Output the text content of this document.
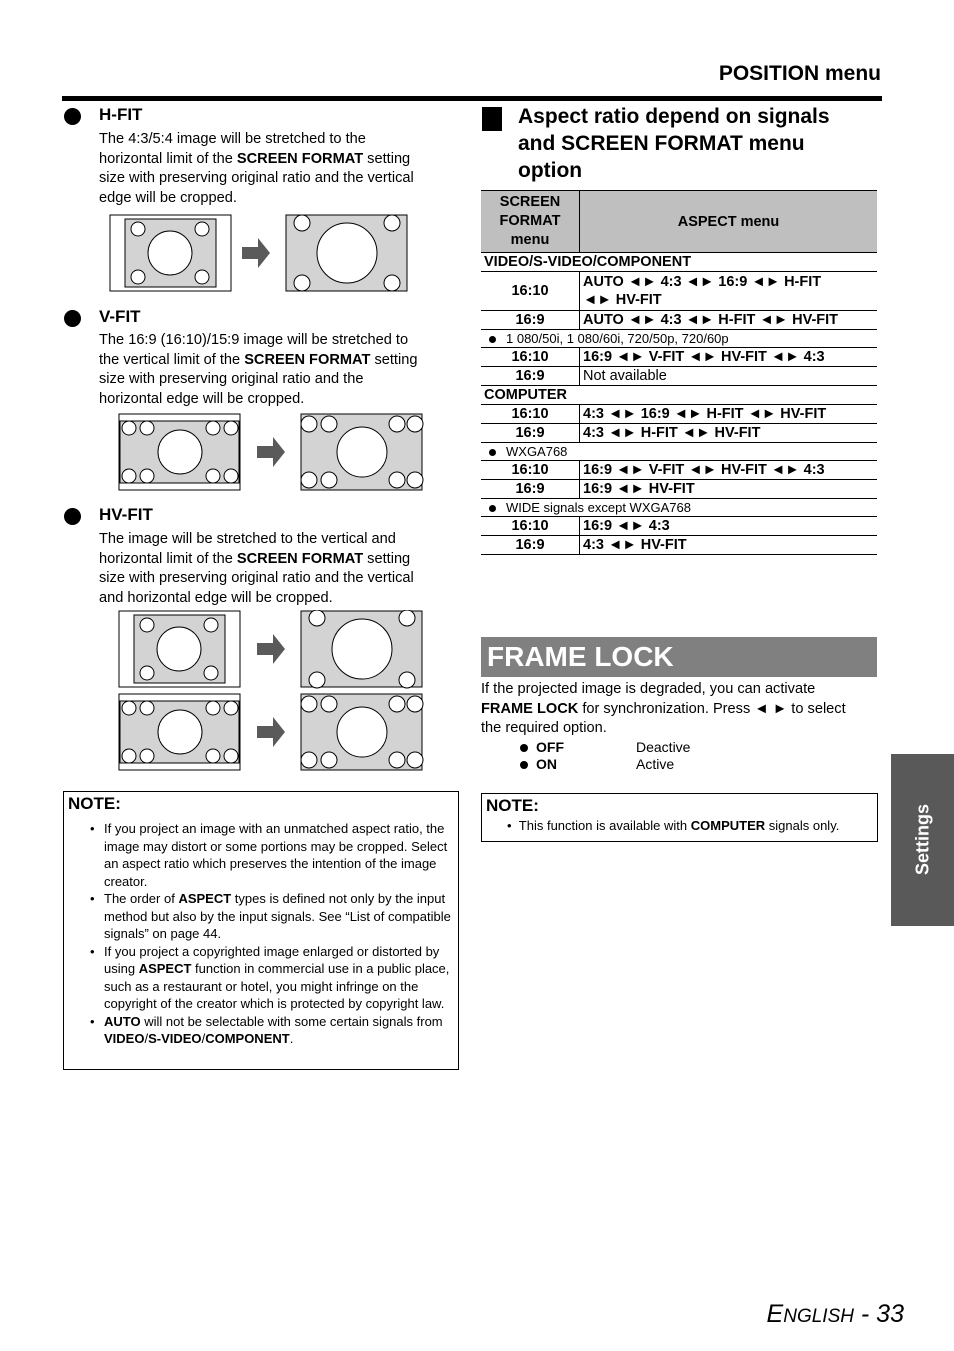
POSITION menu
H-FIT
The 4:3/5:4 image will be stretched to the
horizontal limit of the SCREEN FORMAT setting
size with preserving original ratio and the vertical
edge will be cropped.
V-FIT
The 16:9 (16:10)/15:9 image will be stretched to
the vertical limit of the SCREEN FORMAT setting
size with preserving original ratio and the
horizontal edge will be cropped.
HV-FIT
The image will be stretched to the vertical and
horizontal limit of the SCREEN FORMAT setting
size with preserving original ratio and the vertical
and horizontal edge will be cropped.
NOTE:
• If you project an image with an unmatched aspect ratio, the image may distort or some portions may be cropped. Select an aspect ratio which preserves the intention of the image creator.
• The order of ASPECT types is defined not only by the input method but also by the input signals. See “List of compatible signals” on page 44.
• If you project a copyrighted image enlarged or distorted by using ASPECT function in commercial use in a public place, such as a restaurant or hotel, you might infringe on the copyright of the creator which is protected by copyright law.
• AUTO will not be selectable with some certain signals from VIDEO/S-VIDEO/COMPONENT.
Aspect ratio depend on signals
and SCREEN FORMAT menu
option
SCREEN
FORMAT
menu	ASPECT menu
VIDEO/S-VIDEO/COMPONENT	
16:10	AUTO ◄► 4:3 ◄► 16:9 ◄► H-FIT
◄► HV-FIT

16:9	AUTO ◄► 4:3 ◄► H-FIT ◄► HV-FIT
1 080/50i, 1 080/60i, 720/50p, 720/60p	
16:10	16:9 ◄► V-FIT ◄► HV-FIT ◄► 4:3
16:9	Not available
COMPUTER	
16:10	4:3 ◄► 16:9 ◄► H-FIT ◄► HV-FIT
16:9	4:3 ◄► H-FIT ◄► HV-FIT
WXGA768	
16:10	16:9 ◄► V-FIT ◄► HV-FIT ◄► 4:3
16:9	16:9 ◄► HV-FIT
WIDE signals except WXGA768	
16:10	16:9 ◄► 4:3
16:9	4:3 ◄► HV-FIT
FRAME LOCK
If the projected image is degraded, you can activate
FRAME LOCK for synchronization. Press ◄ ► to select
the required option.
OFF	Deactive
ON	Active
NOTE:
•  This function is available with COMPUTER signals only.	Settings
ENGLISH - 33
